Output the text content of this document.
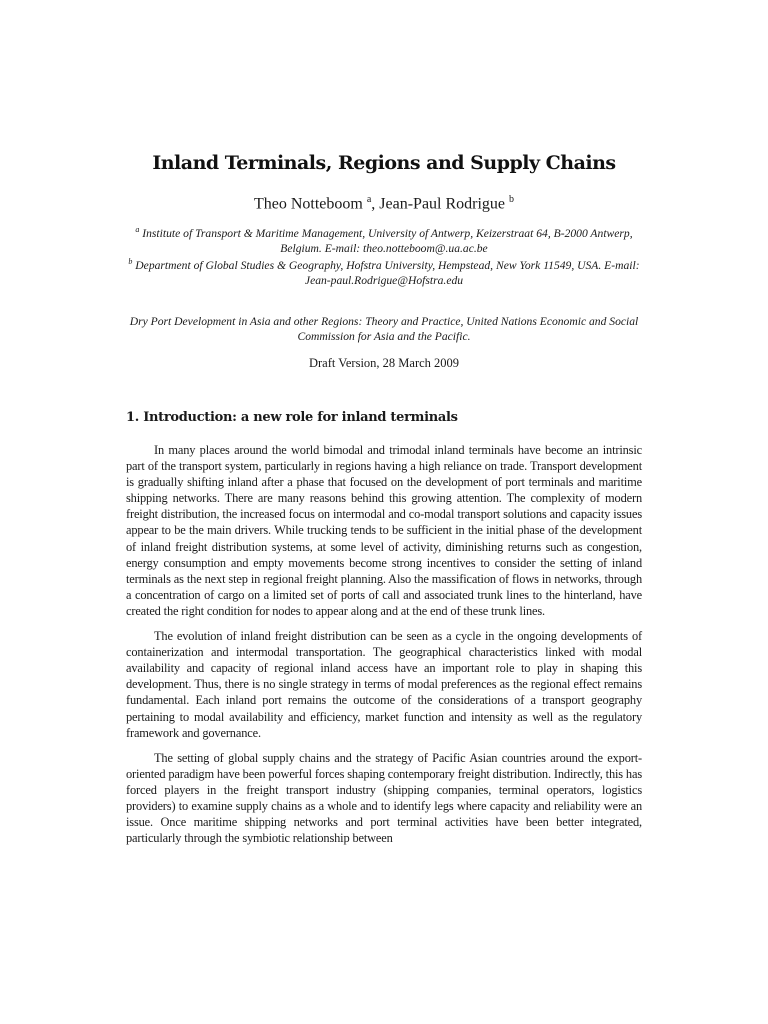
Inland Terminals, Regions and Supply Chains
Theo Notteboom $^a$, Jean-Paul Rodrigue $^b$
$^a$ Institute of Transport & Maritime Management, University of Antwerp, Keizerstraat 64, B-2000 Antwerp, Belgium. E-mail: theo.notteboom@.ua.ac.be
$^b$ Department of Global Studies & Geography, Hofstra University, Hempstead, New York 11549, USA. E-mail: Jean-paul.Rodrigue@Hofstra.edu
Dry Port Development in Asia and other Regions: Theory and Practice, United Nations Economic and Social Commission for Asia and the Pacific.
Draft Version, 28 March 2009
1. Introduction: a new role for inland terminals

In many places around the world bimodal and trimodal inland terminals have become an intrinsic part of the transport system, particularly in regions having a high reliance on trade. Transport development is gradually shifting inland after a phase that focused on the development of port terminals and maritime shipping networks. There are many reasons behind this growing attention. The complexity of modern freight distribution, the increased focus on intermodal and co-modal transport solutions and capacity issues appear to be the main drivers. While trucking tends to be sufficient in the initial phase of the development of inland freight distribution systems, at some level of activity, diminishing returns such as congestion, energy consumption and empty movements become strong incentives to consider the setting of inland terminals as the next step in regional freight planning. Also the massification of flows in networks, through a concentration of cargo on a limited set of ports of call and associated trunk lines to the hinterland, have created the right condition for nodes to appear along and at the end of these trunk lines.

The evolution of inland freight distribution can be seen as a cycle in the ongoing developments of containerization and intermodal transportation. The geographical characteristics linked with modal availability and capacity of regional inland access have an important role to play in shaping this development. Thus, there is no single strategy in terms of modal preferences as the regional effect remains fundamental. Each inland port remains the outcome of the considerations of a transport geography pertaining to modal availability and efficiency, market function and intensity as well as the regulatory framework and governance.

The setting of global supply chains and the strategy of Pacific Asian countries around the export-oriented paradigm have been powerful forces shaping contemporary freight distribution. Indirectly, this has forced players in the freight transport industry (shipping companies, terminal operators, logistics providers) to examine supply chains as a whole and to identify legs where capacity and reliability were an issue. Once maritime shipping networks and port terminal activities have been better integrated, particularly through the symbiotic relationship between
